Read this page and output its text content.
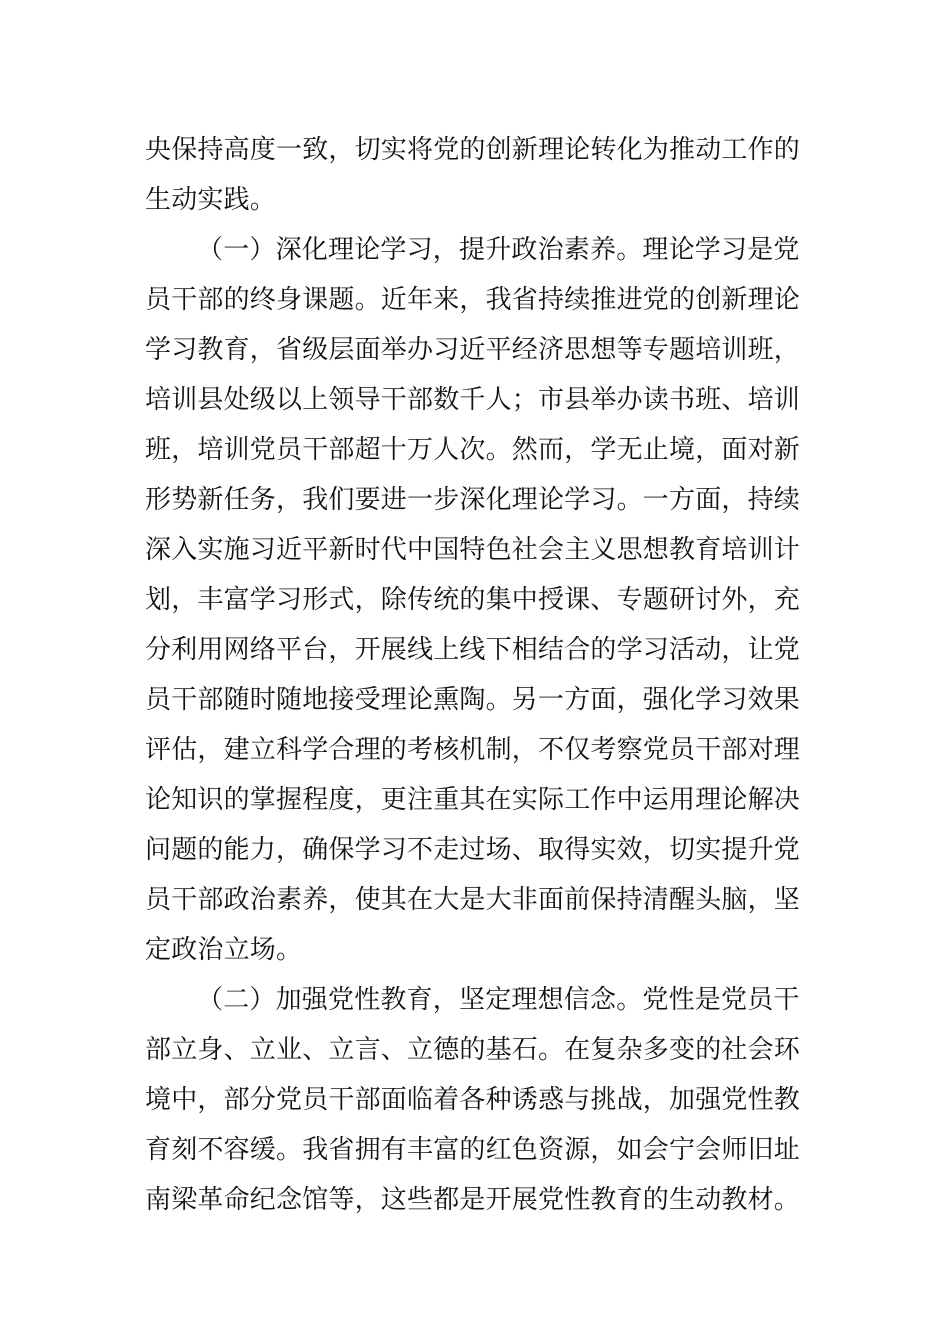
央保持高度一致，切实将党的创新理论转化为推动工作的
生动实践。
（一）深化理论学习，提升政治素养。理论学习是党
员干部的终身课题。近年来，我省持续推进党的创新理论
学习教育，省级层面举办习近平经济思想等专题培训班，
培训县处级以上领导干部数千人；市县举办读书班、培训
班，培训党员干部超十万人次。然而，学无止境，面对新
形势新任务，我们要进一步深化理论学习。一方面，持续
深入实施习近平新时代中国特色社会主义思想教育培训计
划，丰富学习形式，除传统的集中授课、专题研讨外，充
分利用网络平台，开展线上线下相结合的学习活动，让党
员干部随时随地接受理论熏陶。另一方面，强化学习效果
评估，建立科学合理的考核机制，不仅考察党员干部对理
论知识的掌握程度，更注重其在实际工作中运用理论解决
问题的能力，确保学习不走过场、取得实效，切实提升党
员干部政治素养，使其在大是大非面前保持清醒头脑，坚
定政治立场。
（二）加强党性教育，坚定理想信念。党性是党员干
部立身、立业、立言、立德的基石。在复杂多变的社会环
境中，部分党员干部面临着各种诱惑与挑战，加强党性教
育刻不容缓。我省拥有丰富的红色资源，如会宁会师旧址
南梁革命纪念馆等，这些都是开展党性教育的生动教材。
